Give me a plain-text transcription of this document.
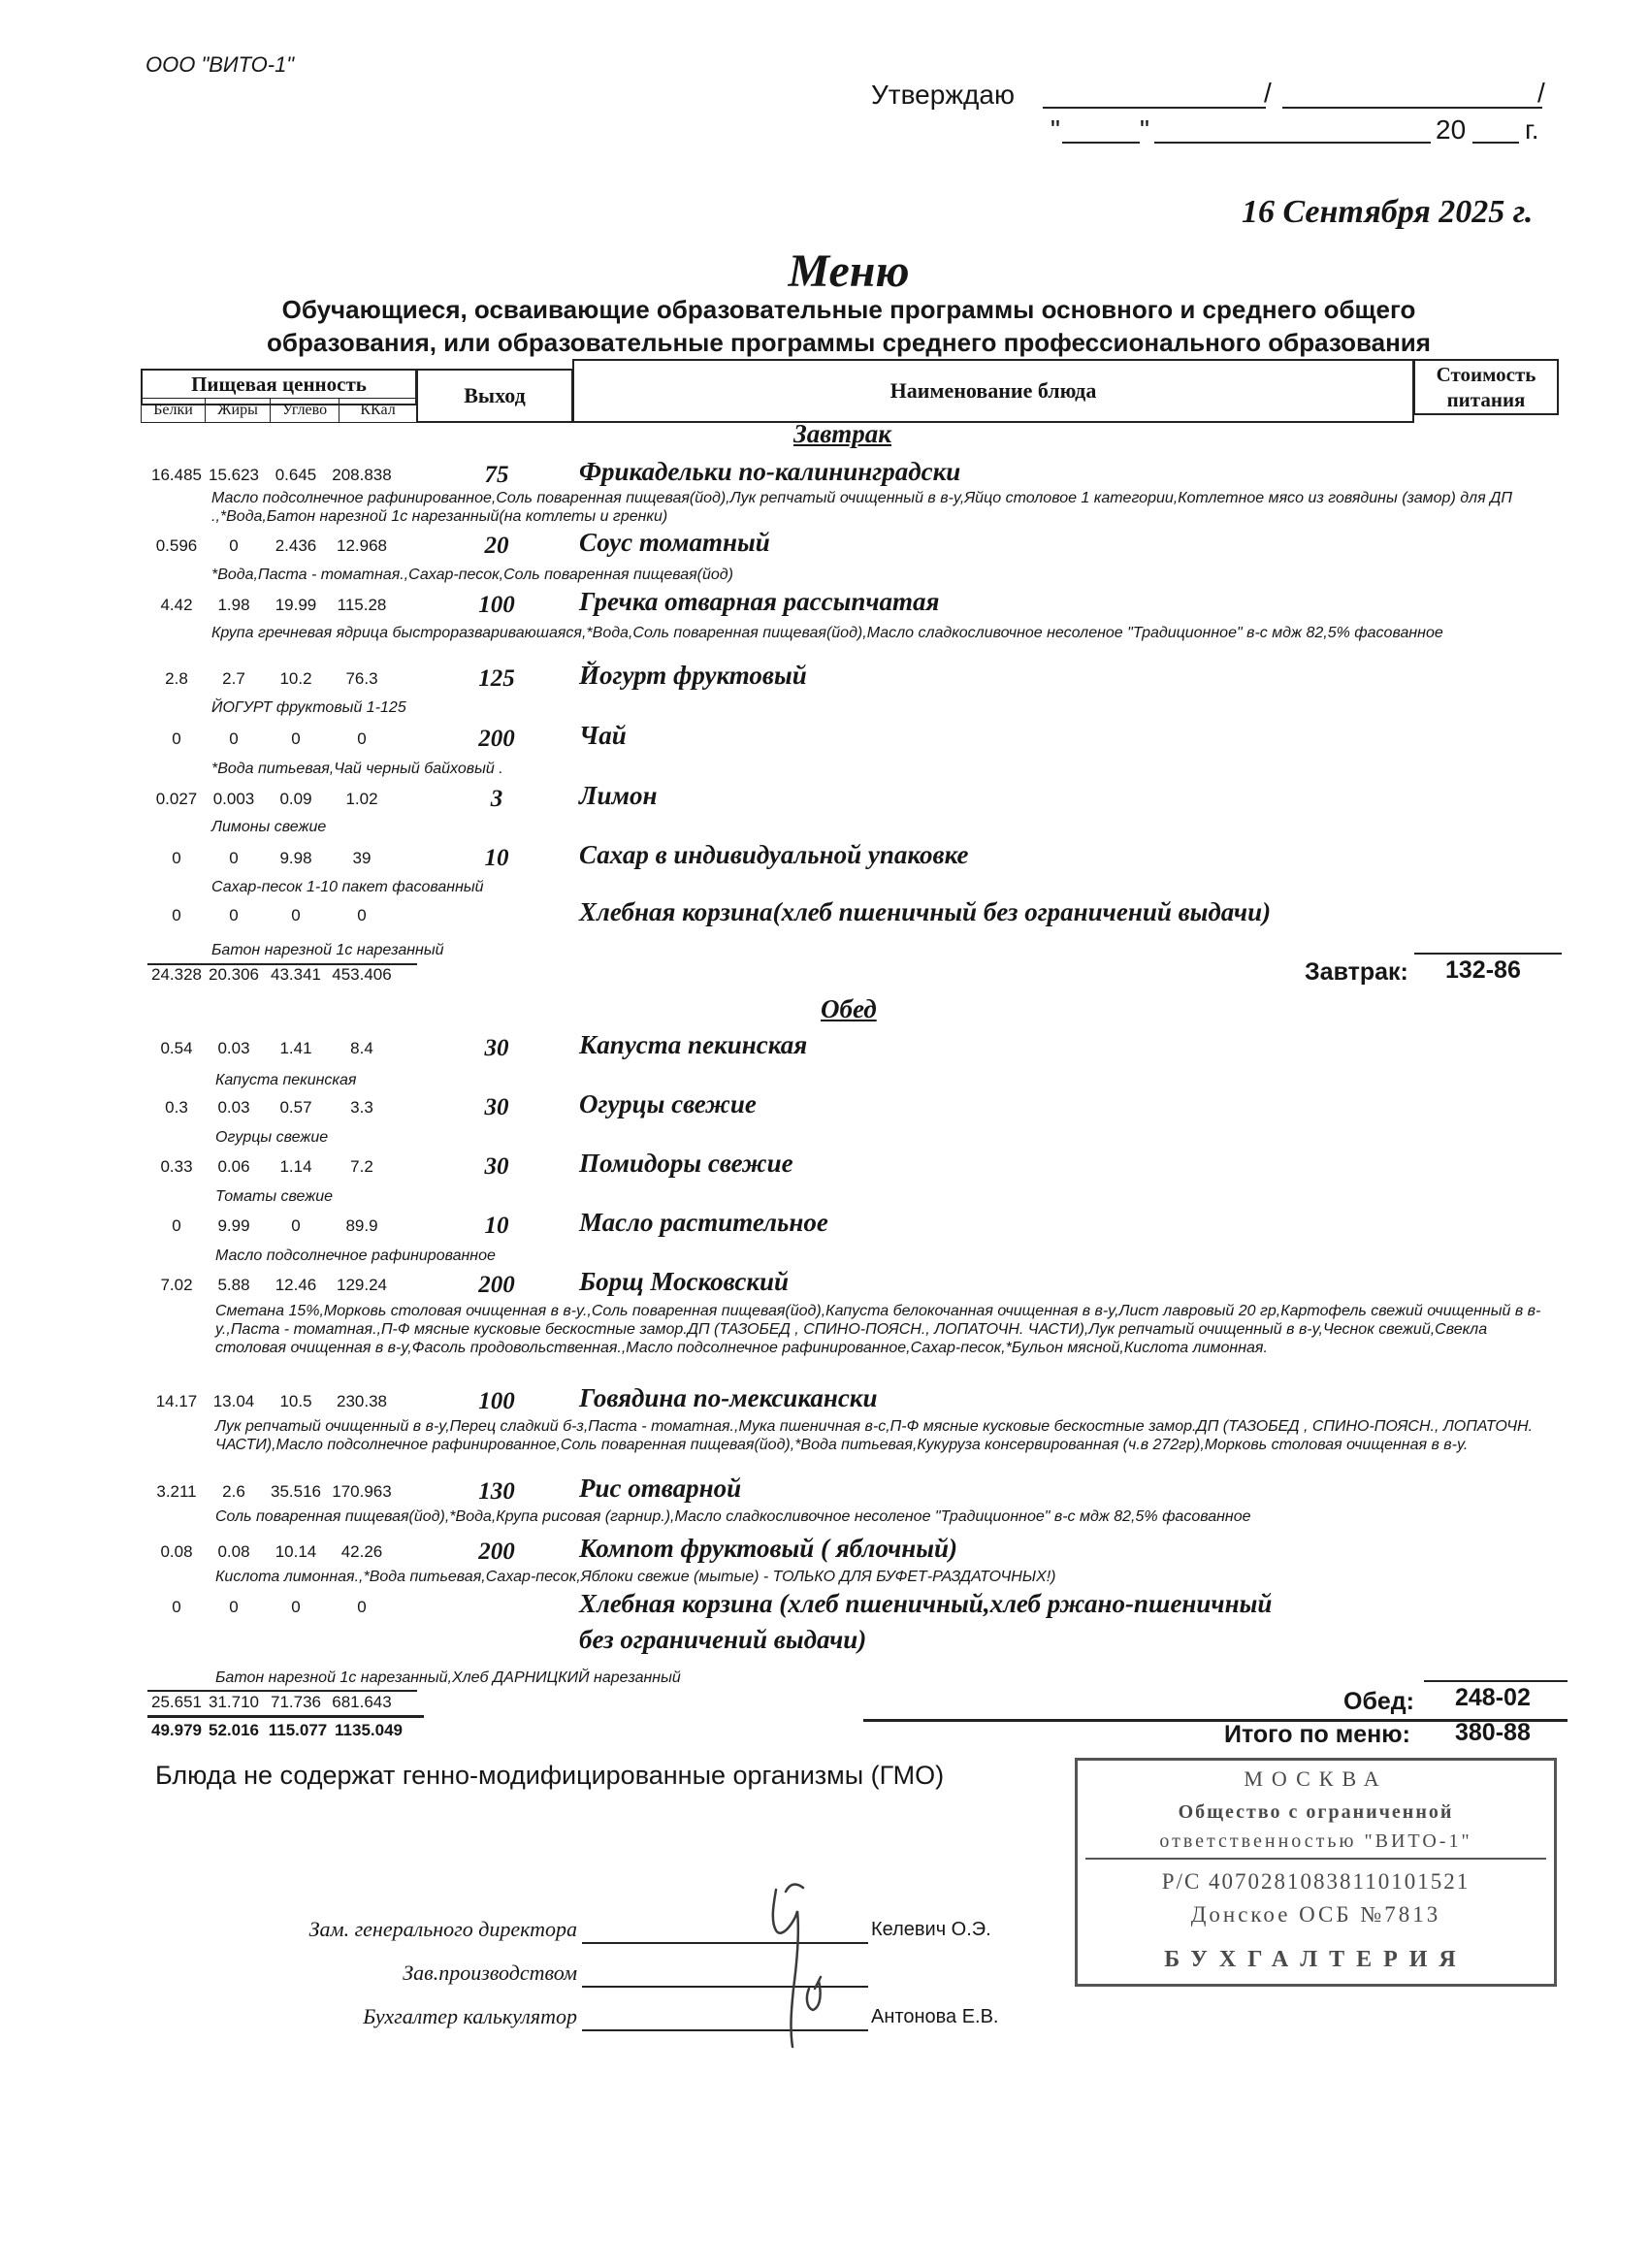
ООО "ВИТО-1"
Утверждаю	/	/
"	"	20 г.
16 Сентября 2025 г.
Меню
Обучающиеся, осваивающие образовательные программы основного и среднего общего
образования, или образовательные программы среднего профессионального образования
Пищевая ценность
Белки	Жиры	Углево	ККал
Выход	Наименование блюда
Стоимость
питания
Завтрак
Обед
16.485 15.623 0.645 208.838	75	Фрикадельки по-калининградски
Масло подсолнечное рафинированное,Соль поваренная пищевая(йод),Лук репчатый очищенный в в-у,Яйцо столовое 1 категории,Котлетное мясо из говядины (замор) для ДП .,*Вода,Батон нарезной 1с нарезанный(на котлеты и гренки)
0.596	0	2.436	12.968	20	Соус томатный
*Вода,Паста - томатная.,Сахар-песок,Соль поваренная пищевая(йод)
4.42	1.98	19.99	115.28	100	Гречка отварная рассыпчатая
Крупа гречневая ядрица быстроразвариваюшаяся,*Вода,Соль поваренная пищевая(йод),Масло сладкосливочное несоленое "Традиционное" в-с мдж 82,5% фасованное
2.8	2.7	10.2	76.3	125	Йогурт фруктовый
ЙОГУРТ фруктовый 1-125
0	0	0	0	200	Чай
*Вода питьевая,Чай черный байховый .
0.027 0.003	0.09	1.02	3	Лимон
Лимоны свежие
0	0	9.98	39	10	Сахар в индивидуальной упаковке
Сахар-песок 1-10 пакет фасованный
0	0	0	0	Хлебная корзина(хлеб пшеничный без ограничений выдачи)
Батон нарезной 1с нарезанный
0.54	0.03	1.41	8.4	30	Капуста пекинская
Капуста пекинская
0.3	0.03	0.57	3.3	30	Огурцы свежие
Огурцы свежие
0.33	0.06	1.14	7.2	30	Помидоры свежие
Томаты свежие
0	9.99	0	89.9	10	Масло растительное
Масло подсолнечное рафинированное
7.02	5.88	12.46	129.24	200	Борщ Московский
Сметана 15%,Морковь столовая очищенная в в-у.,Соль поваренная пищевая(йод),Капуста белокочанная очищенная в в-у,Лист лавровый 20 гр,Картофель свежий очищенный в в-у.,Паста - томатная.,П-Ф мясные кусковые бескостные замор.ДП (ТАЗОБЕД , СПИНО-ПОЯСН., ЛОПАТОЧН. ЧАСТИ),Лук репчатый очищенный в в-у,Чеснок свежий,Свекла столовая очищенная в в-у,Фасоль продовольственная.,Масло подсолнечное рафинированное,Сахар-песок,*Бульон мясной,Кислота лимонная.
14.17 13.04	10.5	230.38	100	Говядина по-мексикански
Лук репчатый очищенный в в-у,Перец сладкий б-з,Паста - томатная.,Мука пшеничная в-с,П-Ф мясные кусковые бескостные замор.ДП (ТАЗОБЕД , СПИНО-ПОЯСН., ЛОПАТОЧН. ЧАСТИ),Масло подсолнечное рафинированное,Соль поваренная пищевая(йод),*Вода питьевая,Кукуруза консервированная (ч.в 272гр),Морковь столовая очищенная в в-у.
3.211	2.6	35.516 170.963	130	Рис отварной
Соль поваренная пищевая(йод),*Вода,Крупа рисовая (гарнир.),Масло сладкосливочное несоленое "Традиционное" в-с мдж 82,5% фасованное
0.08	0.08	10.14	42.26	200	Компот фруктовый ( яблочный)
Кислота лимонная.,*Вода питьевая,Сахар-песок,Яблоки свежие (мытые) - ТОЛЬКО ДЛЯ БУФЕТ-РАЗДАТОЧНЫХ!)
0	0	0	0	Хлебная корзина (хлеб пшеничный,хлеб ржано-пшеничный
без ограничений выдачи)
Батон нарезной 1с нарезанный,Хлеб ДАРНИЦКИЙ нарезанный
24.328 20.306 43.341 453.406	Завтрак: 132-86
25.651 31.710 71.736 681.643
49.979 52.016 115.077 1135.049
Обед: 248-02
Итого по меню: 380-88
Блюда не содержат генно-модифицированные организмы (ГМО)
Зам. генерального директора	Келевич О.Э.
Зав.производством
Бухгалтер калькулятор	Антонова Е.В.
МОСКВА
Общество с ограниченной
ответственностью "ВИТО-1"
Р/С 40702810838110101521
Донское ОСБ №7813
БУХГАЛТЕРИЯ
